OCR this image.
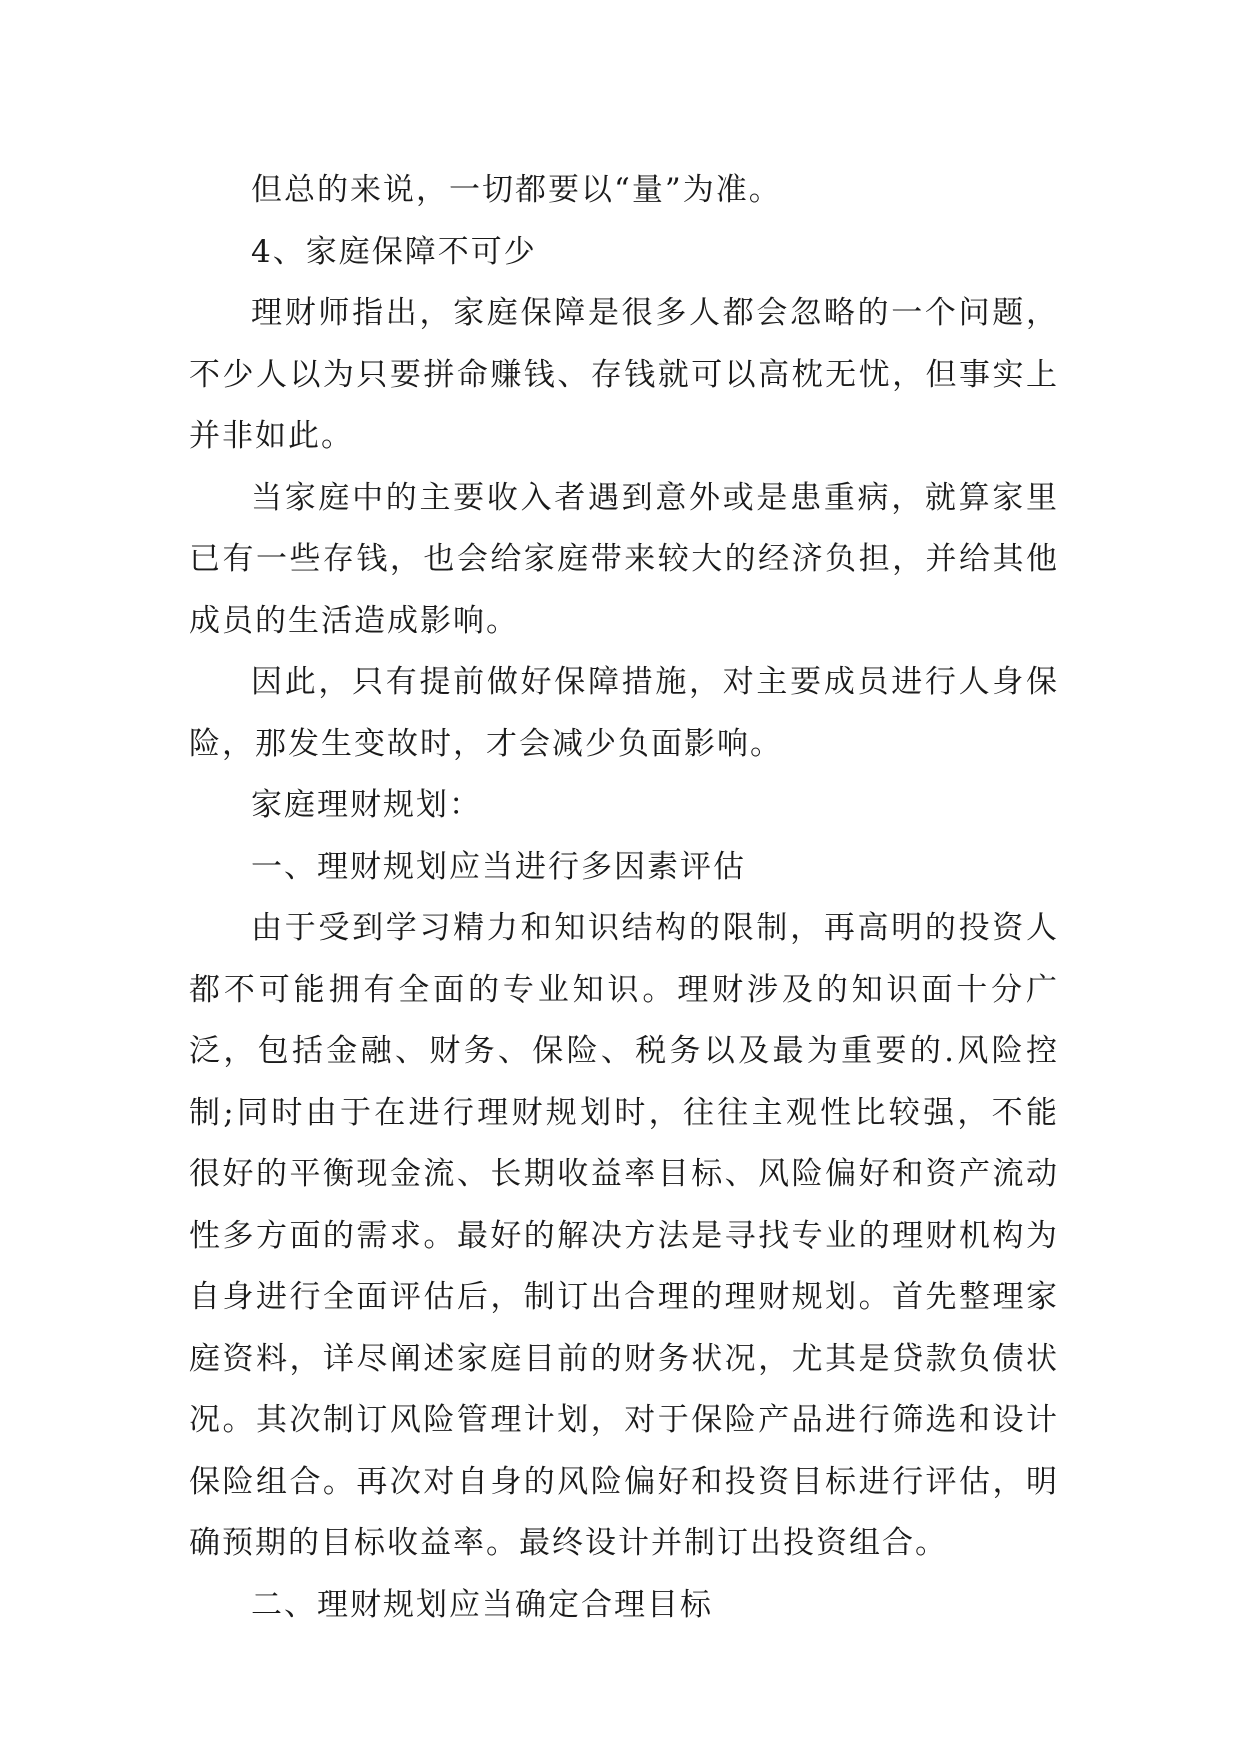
但总的来说，一切都要以“量”为准。

4、家庭保障不可少

理财师指出，家庭保障是很多人都会忽略的一个问题，不少人以为只要拼命赚钱、存钱就可以高枕无忧，但事实上并非如此。

当家庭中的主要收入者遇到意外或是患重病，就算家里已有一些存钱，也会给家庭带来较大的经济负担，并给其他成员的生活造成影响。

因此，只有提前做好保障措施，对主要成员进行人身保险，那发生变故时，才会减少负面影响。

家庭理财规划：

一、理财规划应当进行多因素评估

由于受到学习精力和知识结构的限制，再高明的投资人都不可能拥有全面的专业知识。理财涉及的知识面十分广泛，包括金融、财务、保险、税务以及最为重要的.风险控制;同时由于在进行理财规划时，往往主观性比较强，不能很好的平衡现金流、长期收益率目标、风险偏好和资产流动性多方面的需求。最好的解决方法是寻找专业的理财机构为自身进行全面评估后，制订出合理的理财规划。首先整理家庭资料，详尽阐述家庭目前的财务状况，尤其是贷款负债状况。其次制订风险管理计划，对于保险产品进行筛选和设计保险组合。再次对自身的风险偏好和投资目标进行评估，明确预期的目标收益率。最终设计并制订出投资组合。

二、理财规划应当确定合理目标
